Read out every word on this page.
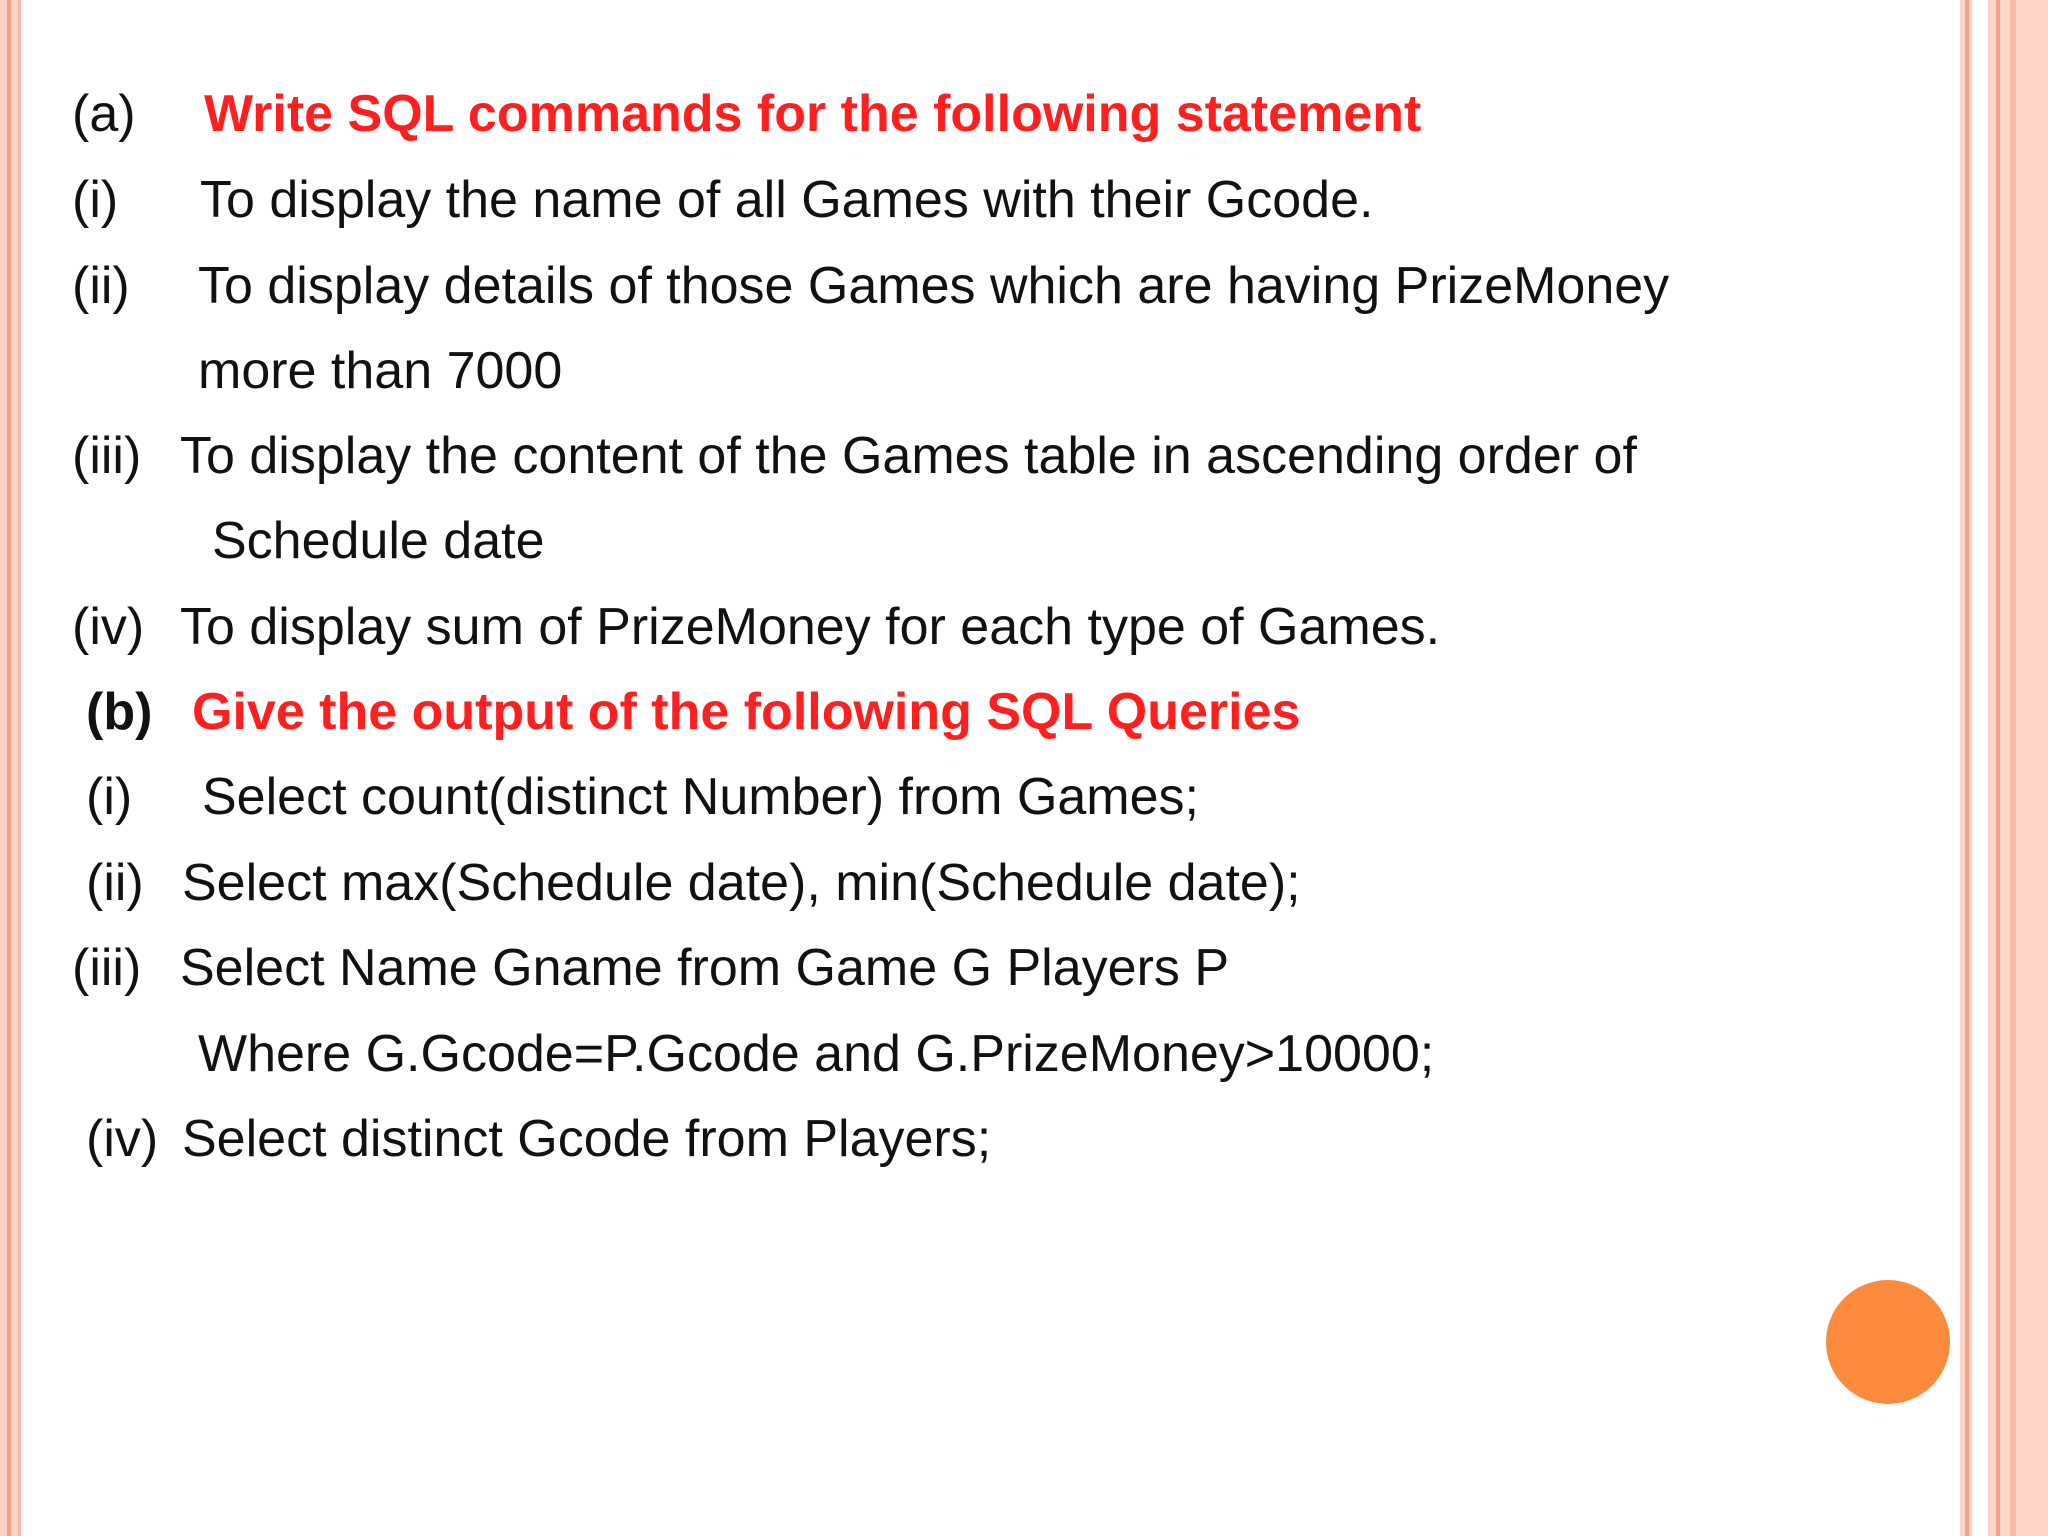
(a) Write SQL commands for the following statement
(i) To display the name of all Games with their Gcode.
(ii) To display details of those Games which are having PrizeMoney
more than 7000
(iii) To display the content of the Games table in ascending order of
Schedule date
(iv) To display sum of PrizeMoney for each type of Games.
(b) Give the output of the following SQL Queries
(i) Select count(distinct Number) from Games;
(ii) Select max(Schedule date), min(Schedule date);
(iii) Select Name Gname from Game G Players P
Where G.Gcode=P.Gcode and G.PrizeMoney>10000;
(iv) Select distinct Gcode from Players;
